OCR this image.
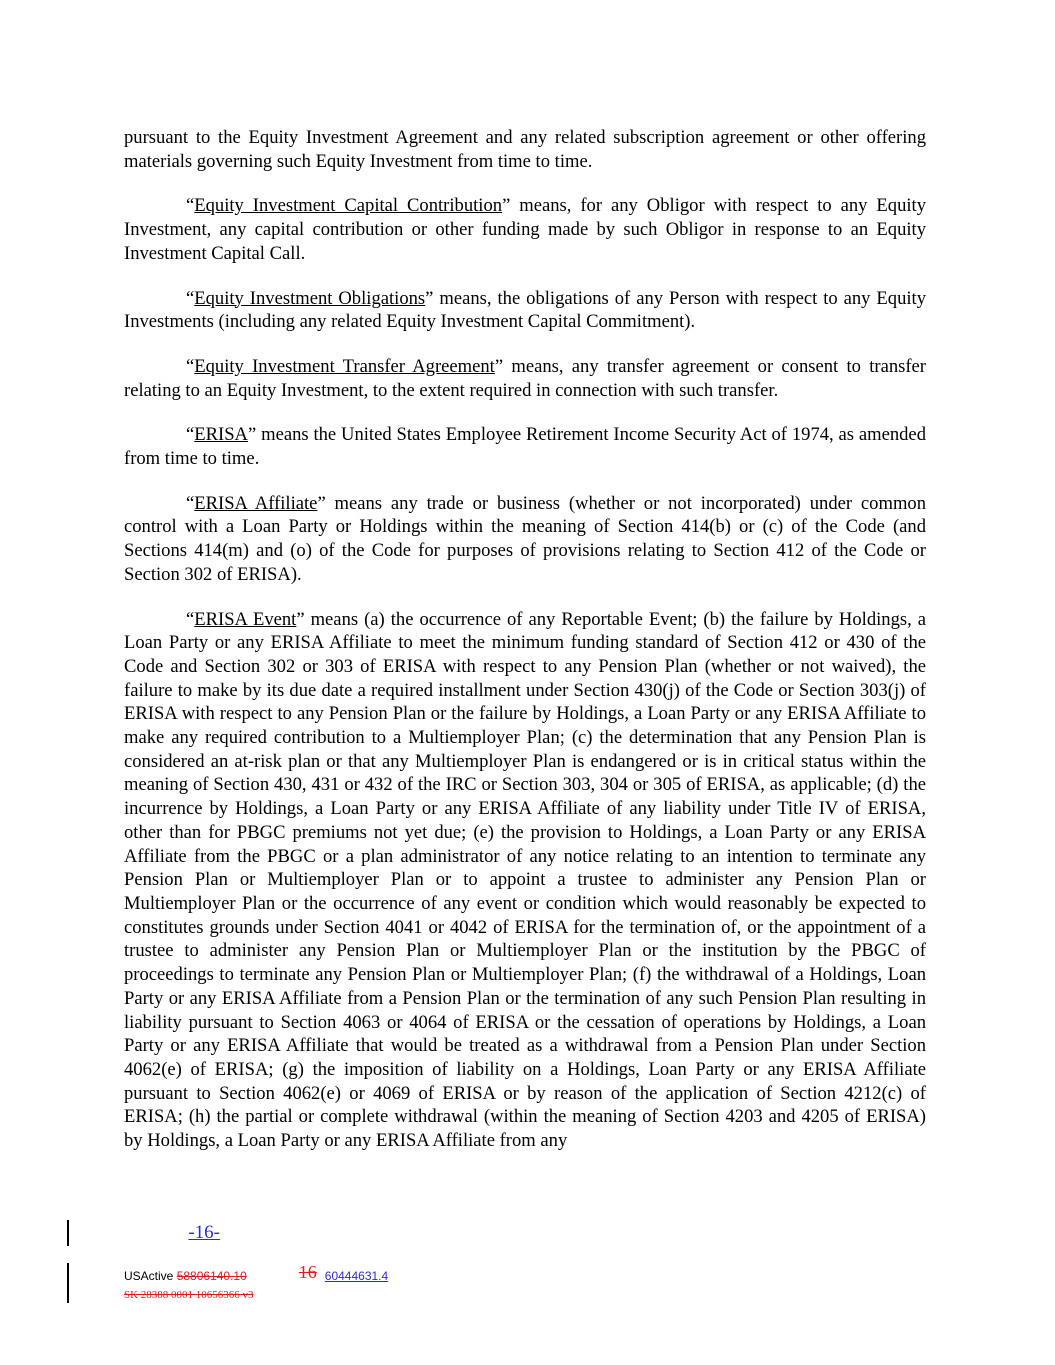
pursuant to the Equity Investment Agreement and any related subscription agreement or other offering materials governing such Equity Investment from time to time.

“Equity Investment Capital Contribution” means, for any Obligor with respect to any Equity Investment, any capital contribution or other funding made by such Obligor in response to an Equity Investment Capital Call.

“Equity Investment Obligations” means, the obligations of any Person with respect to any Equity Investments (including any related Equity Investment Capital Commitment).

“Equity Investment Transfer Agreement” means, any transfer agreement or consent to transfer relating to an Equity Investment, to the extent required in connection with such transfer.

“ERISA” means the United States Employee Retirement Income Security Act of 1974, as amended from time to time.

“ERISA Affiliate” means any trade or business (whether or not incorporated) under common control with a Loan Party or Holdings within the meaning of Section 414(b) or (c) of the Code (and Sections 414(m) and (o) of the Code for purposes of provisions relating to Section 412 of the Code or Section 302 of ERISA).

“ERISA Event” means (a) the occurrence of any Reportable Event; (b) the failure by Holdings, a Loan Party or any ERISA Affiliate to meet the minimum funding standard of Section 412 or 430 of the Code and Section 302 or 303 of ERISA with respect to any Pension Plan (whether or not waived), the failure to make by its due date a required installment under Section 430(j) of the Code or Section 303(j) of ERISA with respect to any Pension Plan or the failure by Holdings, a Loan Party or any ERISA Affiliate to make any required contribution to a Multiemployer Plan; (c) the determination that any Pension Plan is considered an at-risk plan or that any Multiemployer Plan is endangered or is in critical status within the meaning of Section 430, 431 or 432 of the IRC or Section 303, 304 or 305 of ERISA, as applicable; (d) the incurrence by Holdings, a Loan Party or any ERISA Affiliate of any liability under Title IV of ERISA, other than for PBGC premiums not yet due; (e) the provision to Holdings, a Loan Party or any ERISA Affiliate from the PBGC or a plan administrator of any notice relating to an intention to terminate any Pension Plan or Multiemployer Plan or to appoint a trustee to administer any Pension Plan or Multiemployer Plan or the occurrence of any event or condition which would reasonably be expected to constitutes grounds under Section 4041 or 4042 of ERISA for the termination of, or the appointment of a trustee to administer any Pension Plan or Multiemployer Plan or the institution by the PBGC of proceedings to terminate any Pension Plan or Multiemployer Plan; (f) the withdrawal of a Holdings, Loan Party or any ERISA Affiliate from a Pension Plan or the termination of any such Pension Plan resulting in liability pursuant to Section 4063 or 4064 of ERISA or the cessation of operations by Holdings, a Loan Party or any ERISA Affiliate that would be treated as a withdrawal from a Pension Plan under Section 4062(e) of ERISA; (g) the imposition of liability on a Holdings, Loan Party or any ERISA Affiliate pursuant to Section 4062(e) or 4069 of ERISA or by reason of the application of Section 4212(c) of ERISA; (h) the partial or complete withdrawal (within the meaning of Section 4203 and 4205 of ERISA) by Holdings, a Loan Party or any ERISA Affiliate from any

-16-
USActive 58806140.10	16 60444631.4
SK 28388 0001 10656366 v3
